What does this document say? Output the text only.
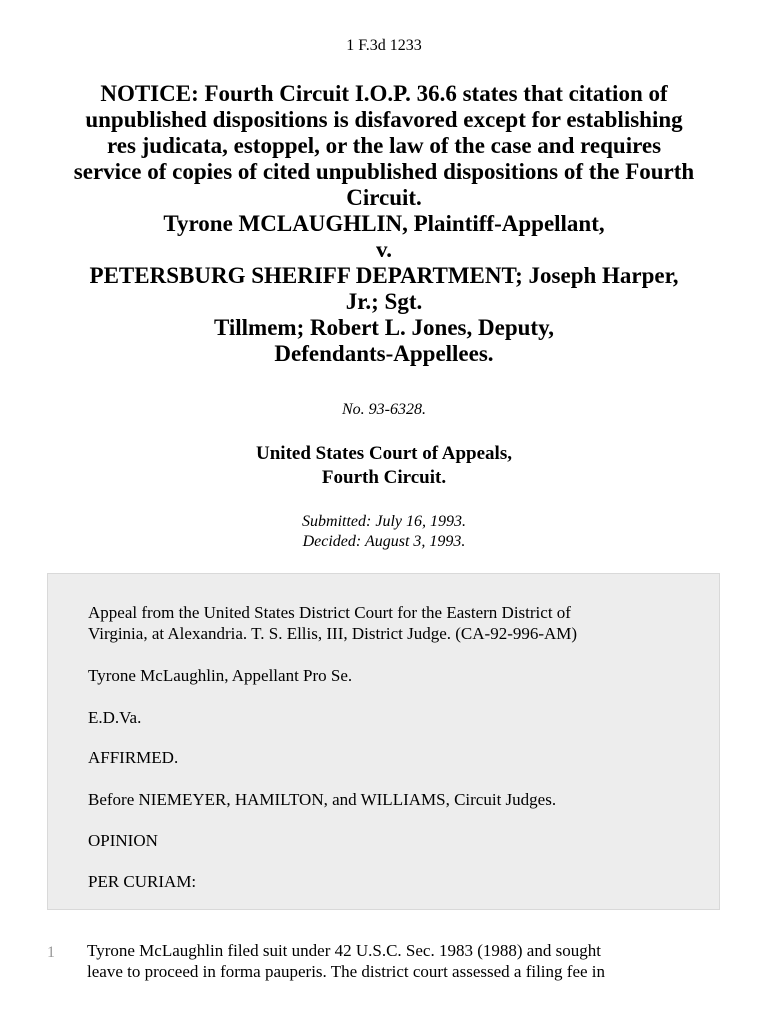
1 F.3d 1233
NOTICE: Fourth Circuit I.O.P. 36.6 states that citation of
unpublished dispositions is disfavored except for establishing
res judicata, estoppel, or the law of the case and requires
service of copies of cited unpublished dispositions of the Fourth
Circuit.
Tyrone MCLAUGHLIN, Plaintiff-Appellant,
v.
PETERSBURG SHERIFF DEPARTMENT; Joseph Harper,
Jr.; Sgt.
Tillmem; Robert L. Jones, Deputy,
Defendants-Appellees.
No. 93-6328.
United States Court of Appeals,
Fourth Circuit.
Submitted: July 16, 1993.
Decided: August 3, 1993.
Appeal from the United States District Court for the Eastern District of
Virginia, at Alexandria. T. S. Ellis, III, District Judge. (CA-92-996-AM)
Tyrone McLaughlin, Appellant Pro Se.
E.D.Va.
AFFIRMED.
Before NIEMEYER, HAMILTON, and WILLIAMS, Circuit Judges.
OPINION
PER CURIAM:
1 Tyrone McLaughlin filed suit under 42 U.S.C. Sec. 1983 (1988) and sought
leave to proceed in forma pauperis. The district court assessed a filing fee in
